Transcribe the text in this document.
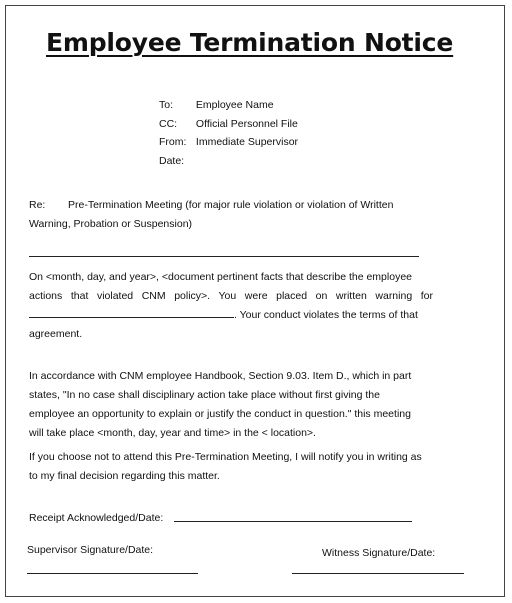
Employee Termination Notice
To: Employee Name
CC: Official Personnel File
From: Immediate Supervisor
Date:
Re: Pre-Termination Meeting (for major rule violation or violation of Written
Warning, Probation or Suspension)
On <month, day, and year>, <document pertinent facts that describe the employee
actions that violated CNM policy>. You were placed on written warning for
. Your conduct violates the terms of that
agreement.
In accordance with CNM employee Handbook, Section 9.03. Item D., which in part
states, "In no case shall disciplinary action take place without first giving the
employee an opportunity to explain or justify the conduct in question." this meeting
will take place <month, day, year and time> in the < location>.
If you choose not to attend this Pre-Termination Meeting, I will notify you in writing as
to my final decision regarding this matter.
Receipt Acknowledged/Date:
Supervisor Signature/Date:	Witness Signature/Date:
